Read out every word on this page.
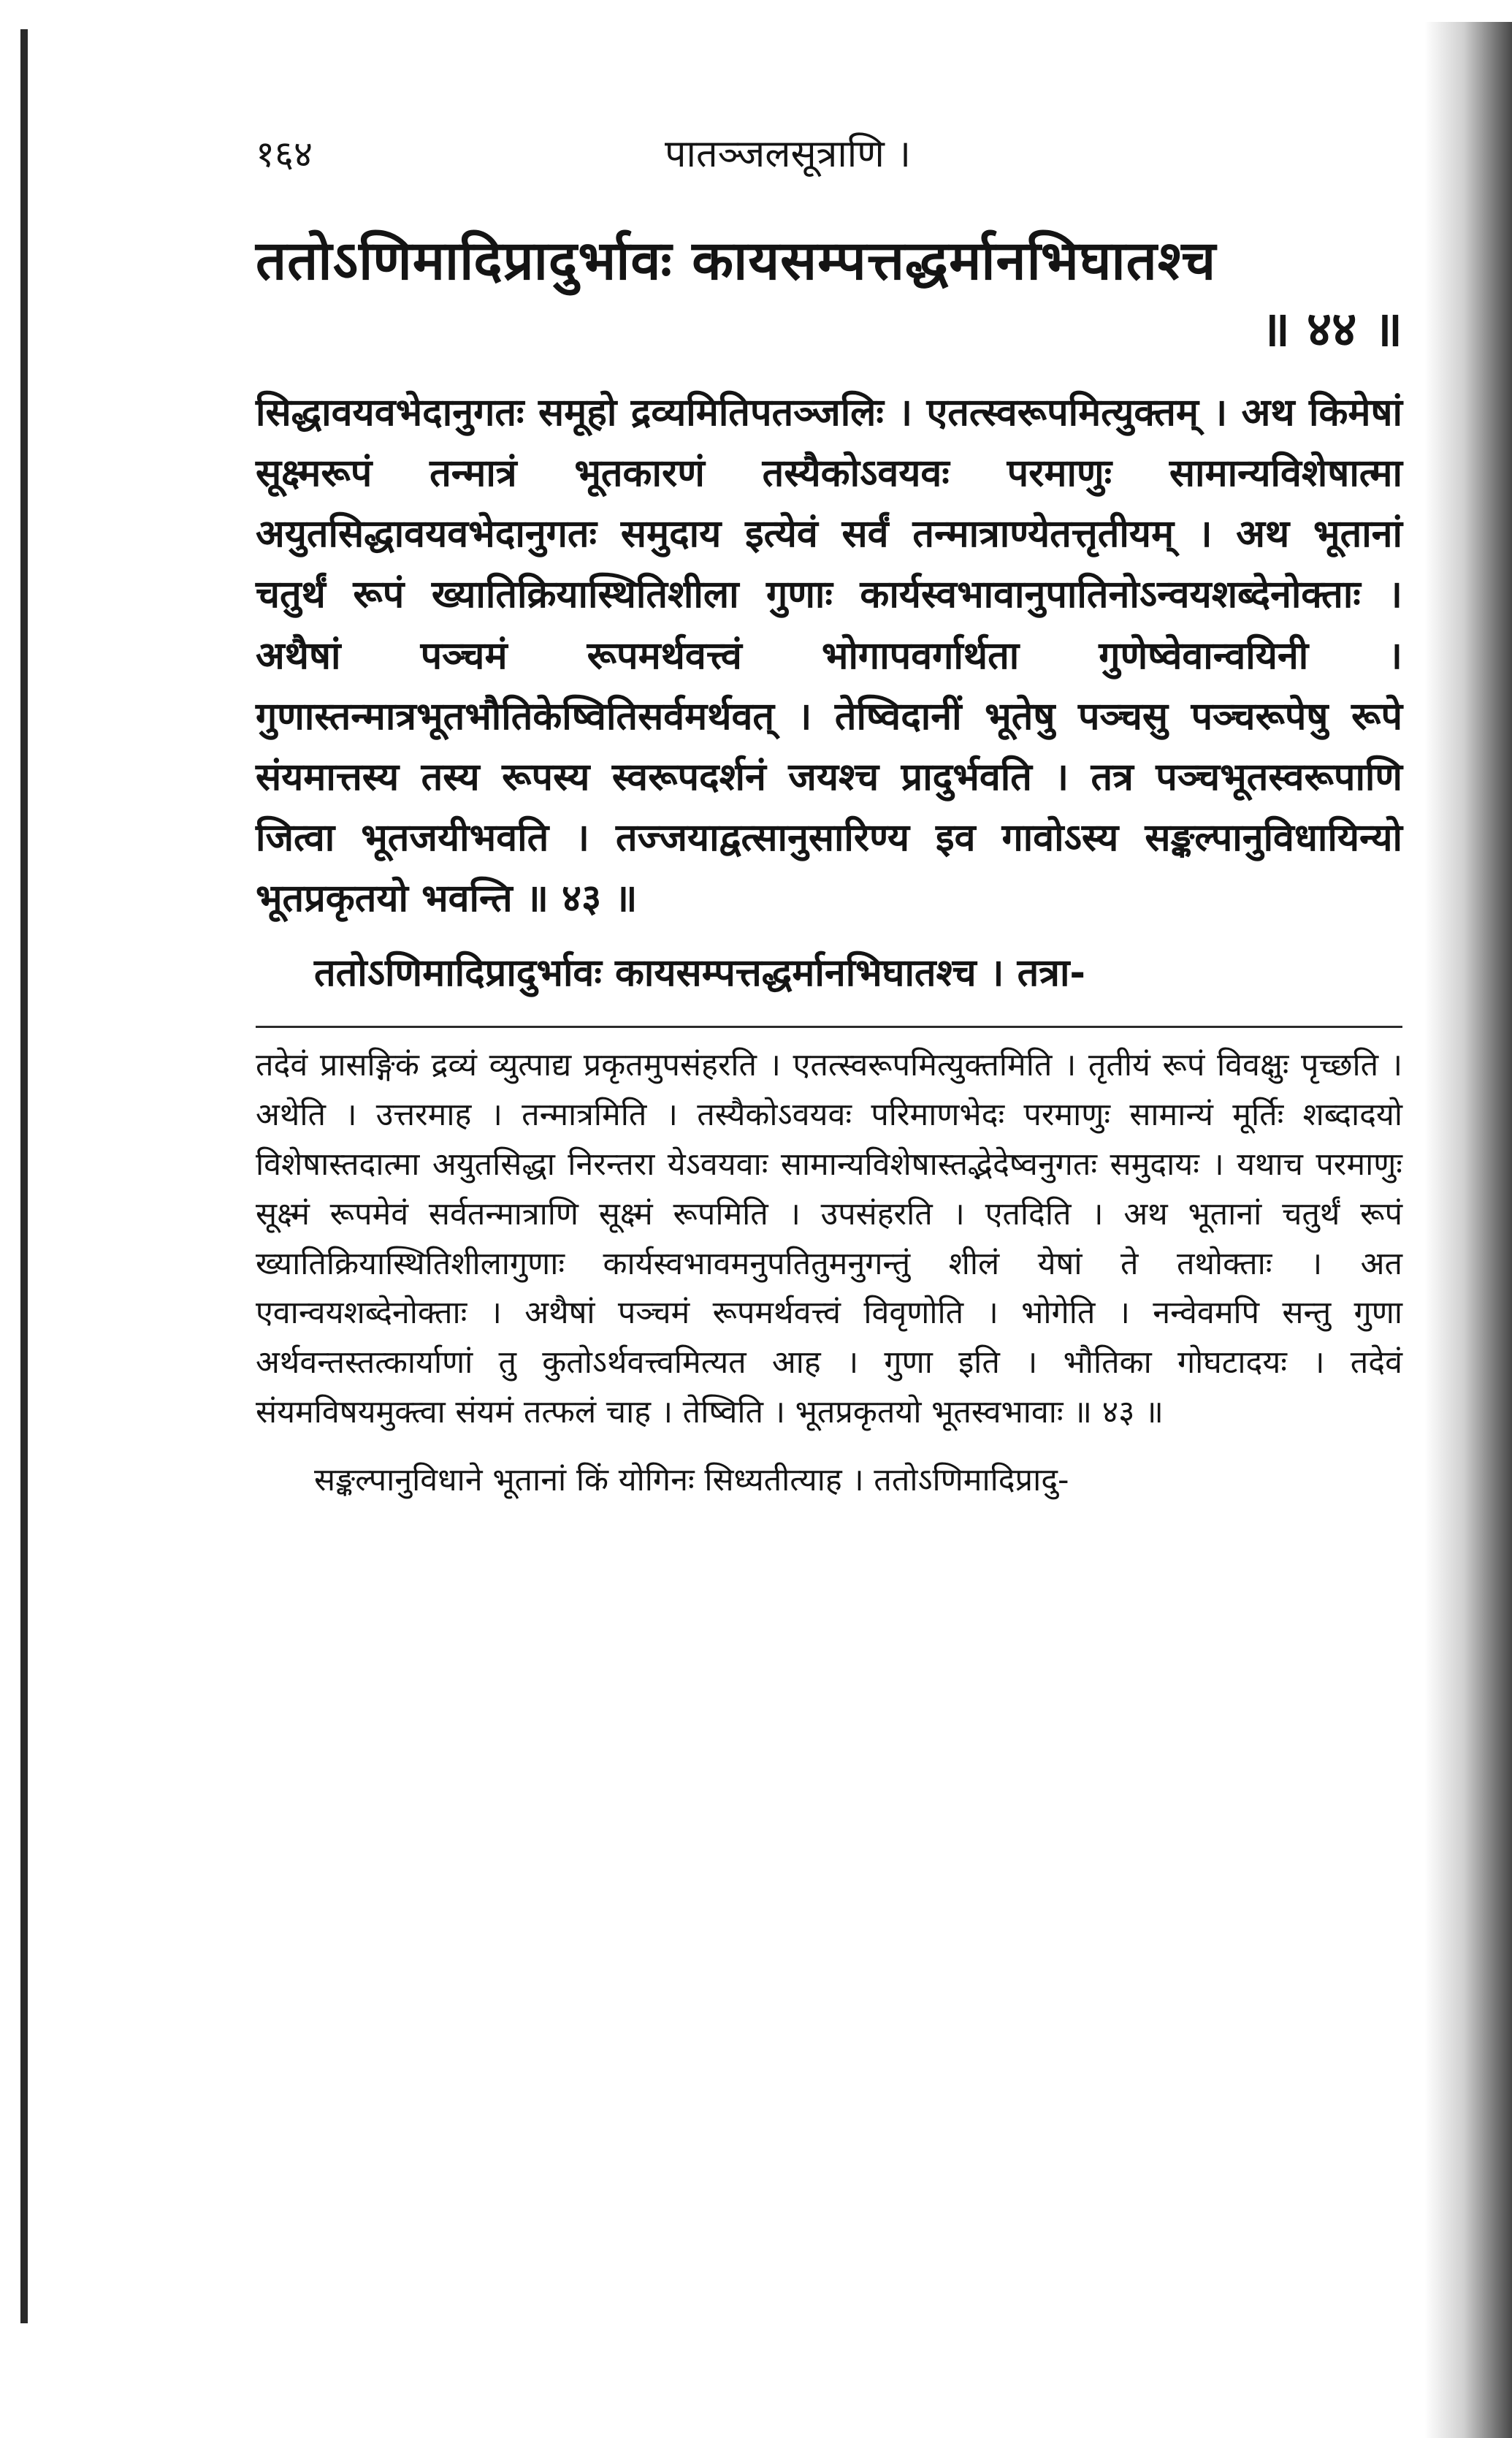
१६४	पातञ्जलसूत्राणि ।
ततोऽणिमादिप्रादुर्भावः कायसम्पत्तद्धर्मानभिघातश्च
॥ ४४ ॥
सिद्धावयवभेदानुगतः समूहो द्रव्यमितिपतञ्जलिः । एतत्स्वरूपमित्युक्तम् । अथ किमेषां सूक्ष्मरूपं तन्मात्रं भूतकारणं तस्यैकोऽवयवः परमाणुः सामान्यविशेषात्मा अयुतसिद्धावयवभेदानुगतः समुदाय इत्येवं सर्वं तन्मात्राण्येतत्तृतीयम् । अथ भूतानां चतुर्थं रूपं ख्यातिक्रियास्थितिशीला गुणाः कार्यस्वभावानुपातिनोऽन्वयशब्देनोक्ताः । अथैषां पञ्चमं रूपमर्थवत्त्वं भोगापवर्गार्थता गुणेष्वेवान्वयिनी । गुणास्तन्मात्रभूतभौतिकेष्वितिसर्वमर्थवत् । तेष्विदानीं भूतेषु पञ्चसु पञ्चरूपेषु रूपे संयमात्तस्य तस्य रूपस्य स्वरूपदर्शनं जयश्च प्रादुर्भवति । तत्र पञ्चभूतस्वरूपाणि जित्वा भूतजयीभवति । तज्जयाद्वत्सानुसारिण्य इव गावोऽस्य सङ्कल्पानुविधायिन्यो भूतप्रकृतयो भवन्ति ॥ ४३ ॥
ततोऽणिमादिप्रादुर्भावः कायसम्पत्तद्धर्मानभिघातश्च । तत्रा-
तदेवं प्रासङ्गिकं द्रव्यं व्युत्पाद्य प्रकृतमुपसंहरति । एतत्स्वरूपमित्युक्तमिति । तृतीयं रूपं विवक्षुः पृच्छति । अथेति । उत्तरमाह । तन्मात्रमिति । तस्यैकोऽवयवः परिमाणभेदः परमाणुः सामान्यं मूर्तिः शब्दादयो विशेषास्तदात्मा अयुतसिद्धा निरन्तरा येऽवयवाः सामान्यविशेषास्तद्भेदेष्वनुगतः समुदायः । यथाच परमाणुः सूक्ष्मं रूपमेवं सर्वतन्मात्राणि सूक्ष्मं रूपमिति । उपसंहरति । एतदिति । अथ भूतानां चतुर्थं रूपं ख्यातिक्रियास्थितिशीलागुणाः कार्यस्वभावमनुपतितुमनुगन्तुं शीलं येषां ते तथोक्ताः । अत एवान्वयशब्देनोक्ताः । अथैषां पञ्चमं रूपमर्थवत्त्वं विवृणोति । भोगेति । नन्वेवमपि सन्तु गुणा अर्थवन्तस्तत्कार्याणां तु कुतोऽर्थवत्त्वमित्यत आह । गुणा इति । भौतिका गोघटादयः । तदेवं संयमविषयमुक्त्वा संयमं तत्फलं चाह । तेष्विति । भूतप्रकृतयो भूतस्वभावाः ॥ ४३ ॥
सङ्कल्पानुविधाने भूतानां किं योगिनः सिध्यतीत्याह । ततोऽणिमादिप्रादु-
